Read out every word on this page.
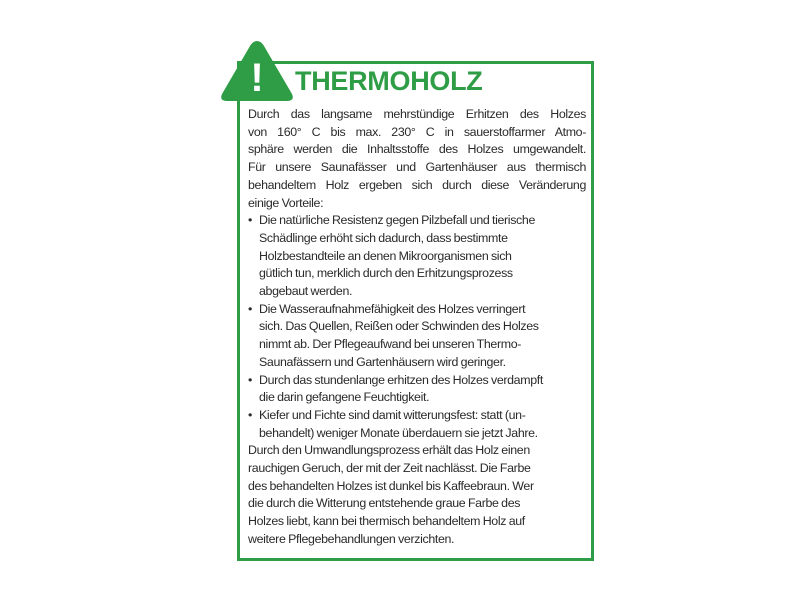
! THERMOHOLZ
Durch das langsame mehrstündige Erhitzen des Holzes
von 160° C bis max. 230° C in sauerstoffarmer Atmo-
sphäre werden die Inhaltsstoffe des Holzes umgewandelt.
Für unsere Saunafässer und Gartenhäuser aus thermisch
behandeltem Holz ergeben sich durch diese Veränderung
einige Vorteile:
• Die natürliche Resistenz gegen Pilzbefall und tierische
Schädlinge erhöht sich dadurch, dass bestimmte
Holzbestandteile an denen Mikroorganismen sich
gütlich tun, merklich durch den Erhitzungsprozess
abgebaut werden.
• Die Wasseraufnahmefähigkeit des Holzes verringert
sich. Das Quellen, Reißen oder Schwinden des Holzes
nimmt ab. Der Pflegeaufwand bei unseren Thermo-
Saunafässern und Gartenhäusern wird geringer.
• Durch das stundenlange erhitzen des Holzes verdampft
die darin gefangene Feuchtigkeit.
• Kiefer und Fichte sind damit witterungsfest: statt (un-
behandelt) weniger Monate überdauern sie jetzt Jahre.
Durch den Umwandlungsprozess erhält das Holz einen
rauchigen Geruch, der mit der Zeit nachlässt. Die Farbe
des behandelten Holzes ist dunkel bis Kaffeebraun. Wer
die durch die Witterung entstehende graue Farbe des
Holzes liebt, kann bei thermisch behandeltem Holz auf
weitere Pflegebehandlungen verzichten.
